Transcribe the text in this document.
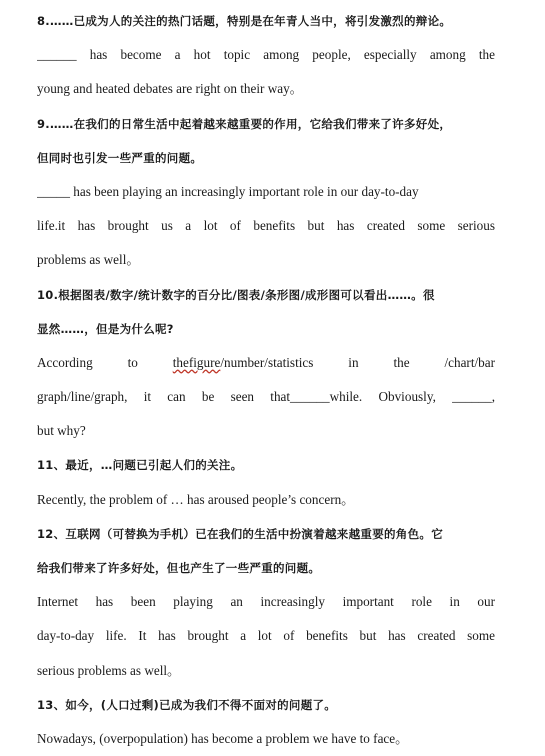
8.……已成为人的关注的热门话题，特别是在年青人当中，将引发激烈的辩论。
______ has become a hot topic among people, especially among the
young and heated debates are right on their way。
9.……在我们的日常生活中起着越来越重要的作用，它给我们带来了许多好处，
但同时也引发一些严重的问题。
_____ has been playing an increasingly important role in our day-to-day
life.it has brought us a lot of benefits but has created some serious
problems as well。
10.根据图表/数字/统计数字的百分比/图表/条形图/成形图可以看出……。很
显然……，但是为什么呢?
According to thefigure/number/statistics in the /chart/bar
graph/line/graph, it can be seen that______while. Obviously, ______,
but why?
11、最近，…问题已引起人们的关注。
Recently, the problem of … has aroused people’s concern。
12、互联网（可替换为手机）已在我们的生活中扮演着越来越重要的角色。它
给我们带来了许多好处，但也产生了一些严重的问题。
Internet has been playing an increasingly important role in our
day-to-day life. It has brought a lot of benefits but has created some
serious problems as well。
13、如今，(人口过剩)已成为我们不得不面对的问题了。
Nowadays, (overpopulation) has become a problem we have to face。
